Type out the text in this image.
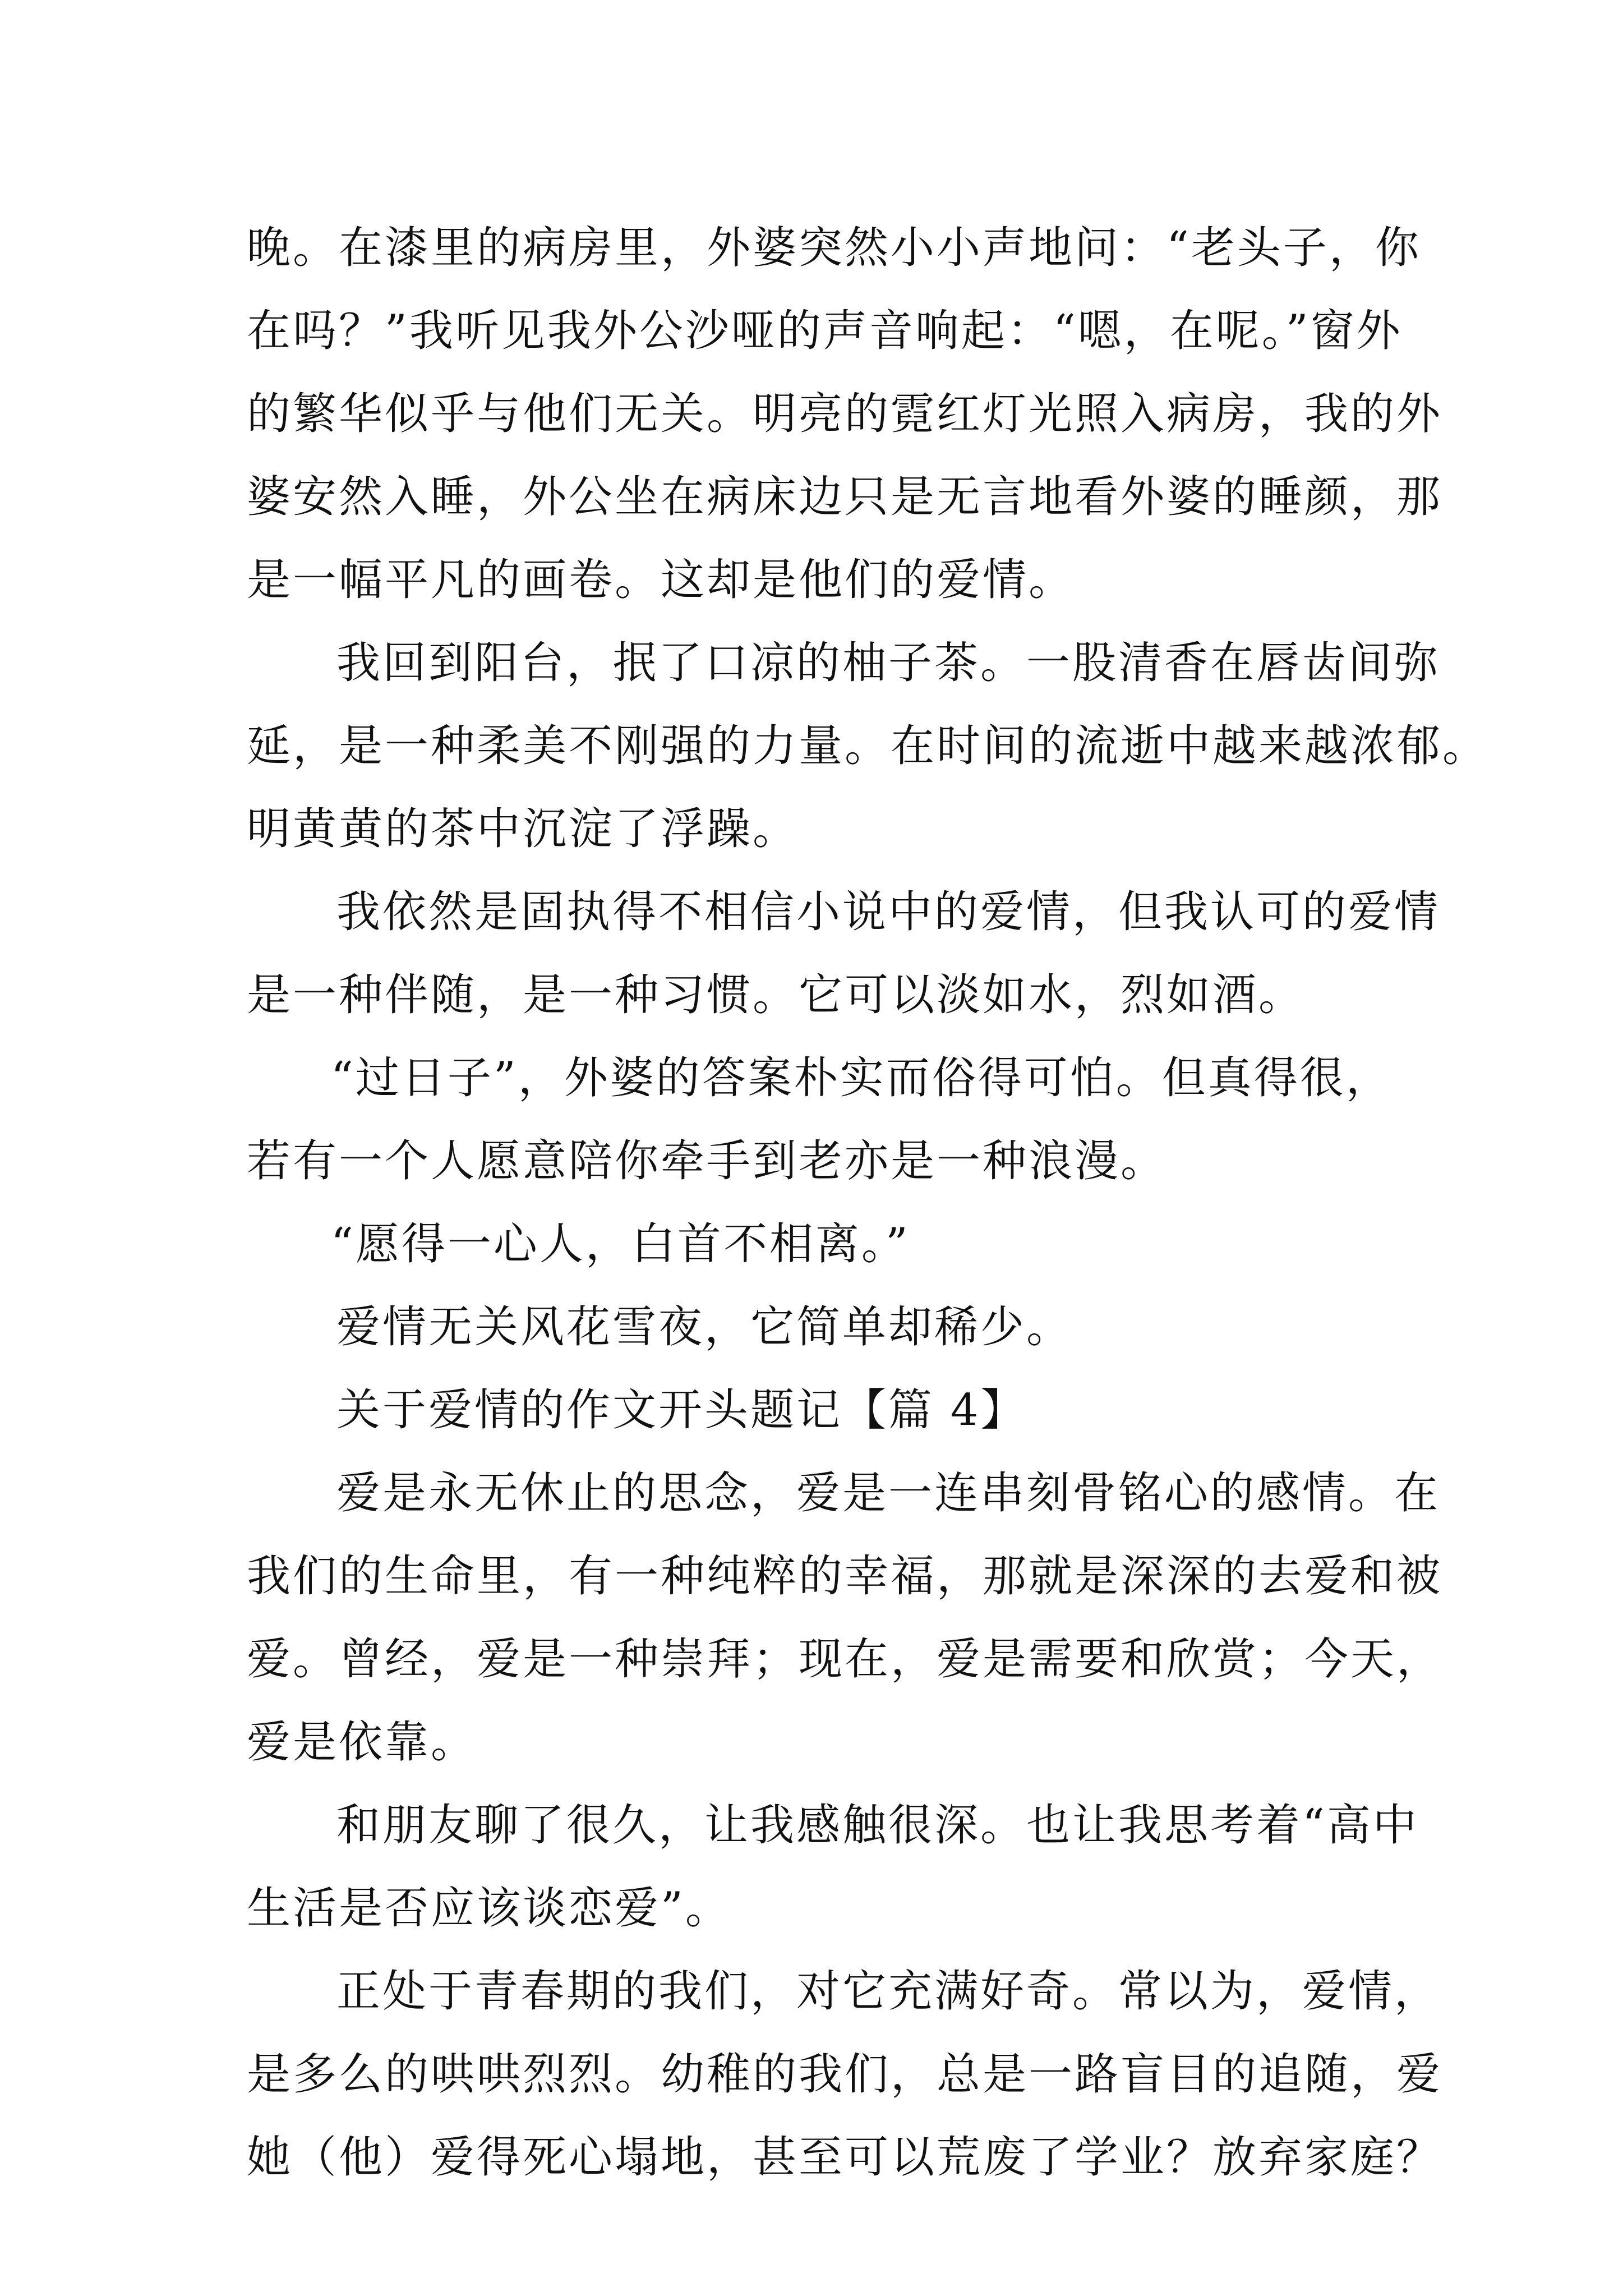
晚。在漆里的病房里，外婆突然小小声地问：“老头子，你
在吗？”我听见我外公沙哑的声音响起：“嗯，在呢。”窗外
的繁华似乎与他们无关。明亮的霓红灯光照入病房，我的外
婆安然入睡，外公坐在病床边只是无言地看外婆的睡颜，那
是一幅平凡的画卷。这却是他们的爱情。

我回到阳台，抿了口凉的柚子茶。一股清香在唇齿间弥
延，是一种柔美不刚强的力量。在时间的流逝中越来越浓郁。
明黄黄的茶中沉淀了浮躁。

我依然是固执得不相信小说中的爱情，但我认可的爱情
是一种伴随，是一种习惯。它可以淡如水，烈如酒。

“过日子”，外婆的答案朴实而俗得可怕。但真得很，
若有一个人愿意陪你牵手到老亦是一种浪漫。

“愿得一心人，白首不相离。”

爱情无关风花雪夜，它简单却稀少。

关于爱情的作文开头题记【篇 4】

爱是永无休止的思念，爱是一连串刻骨铭心的感情。在
我们的生命里，有一种纯粹的幸福，那就是深深的去爱和被
爱。曾经，爱是一种崇拜；现在，爱是需要和欣赏；今天，
爱是依靠。

和朋友聊了很久，让我感触很深。也让我思考着“高中
生活是否应该谈恋爱”。

正处于青春期的我们，对它充满好奇。常以为，爱情，
是多么的哄哄烈烈。幼稚的我们，总是一路盲目的追随，爱
她（他）爱得死心塌地，甚至可以荒废了学业？放弃家庭？
